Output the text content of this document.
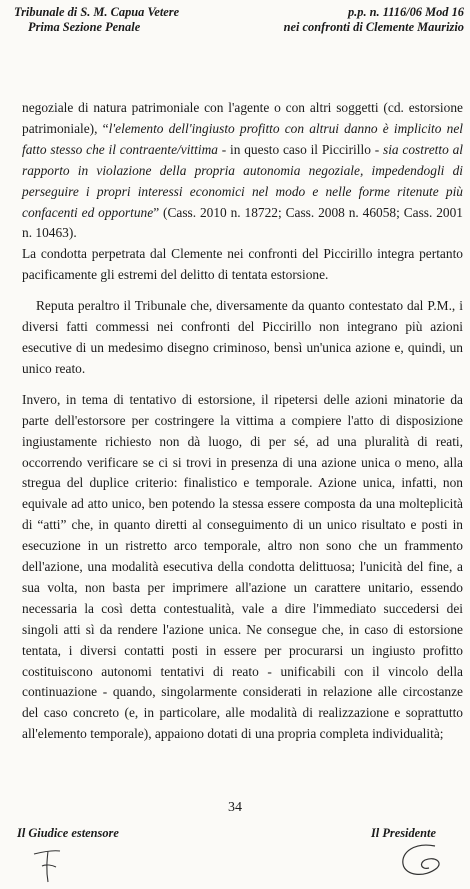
Tribunale di S. M. Capua Vetere
Prima Sezione Penale
p.p. n. 1116/06 Mod 16
nei confronti di Clemente Maurizio

negoziale di natura patrimoniale con l'agente o con altri soggetti (cd. estorsione patrimoniale), “l'elemento dell'ingiusto profitto con altrui danno è implicito nel fatto stesso che il contraente/vittima - in questo caso il Piccirillo - sia costretto al rapporto in violazione della propria autonomia negoziale, impedendogli di perseguire i propri interessi economici nel modo e nelle forme ritenute più confacenti ed opportune” (Cass. 2010 n. 18722; Cass. 2008 n. 46058; Cass. 2001 n. 10463).

La condotta perpetrata dal Clemente nei confronti del Piccirillo integra pertanto pacificamente gli estremi del delitto di tentata estorsione.

Reputa peraltro il Tribunale che, diversamente da quanto contestato dal P.M., i diversi fatti commessi nei confronti del Piccirillo non integrano più azioni esecutive di un medesimo disegno criminoso, bensì un'unica azione e, quindi, un unico reato.

Invero, in tema di tentativo di estorsione, il ripetersi delle azioni minatorie da parte dell'estorsore per costringere la vittima a compiere l'atto di disposizione ingiustamente richiesto non dà luogo, di per sé, ad una pluralità di reati, occorrendo verificare se ci si trovi in presenza di una azione unica o meno, alla stregua del duplice criterio: finalistico e temporale. Azione unica, infatti, non equivale ad atto unico, ben potendo la stessa essere composta da una molteplicità di “atti” che, in quanto diretti al conseguimento di un unico risultato e posti in esecuzione in un ristretto arco temporale, altro non sono che un frammento dell'azione, una modalità esecutiva della condotta delittuosa; l'unicità del fine, a sua volta, non basta per imprimere all'azione un carattere unitario, essendo necessaria la così detta contestualità, vale a dire l'immediato succedersi dei singoli atti sì da rendere l'azione unica. Ne consegue che, in caso di estorsione tentata, i diversi contatti posti in essere per procurarsi un ingiusto profitto costituiscono autonomi tentativi di reato - unificabili con il vincolo della continuazione - quando, singolarmente considerati in relazione alle circostanze del caso concreto (e, in particolare, alle modalità di realizzazione e soprattutto all'elemento temporale), appaiono dotati di una propria completa individualità;

34
Il Giudice estensore	Il Presidente
